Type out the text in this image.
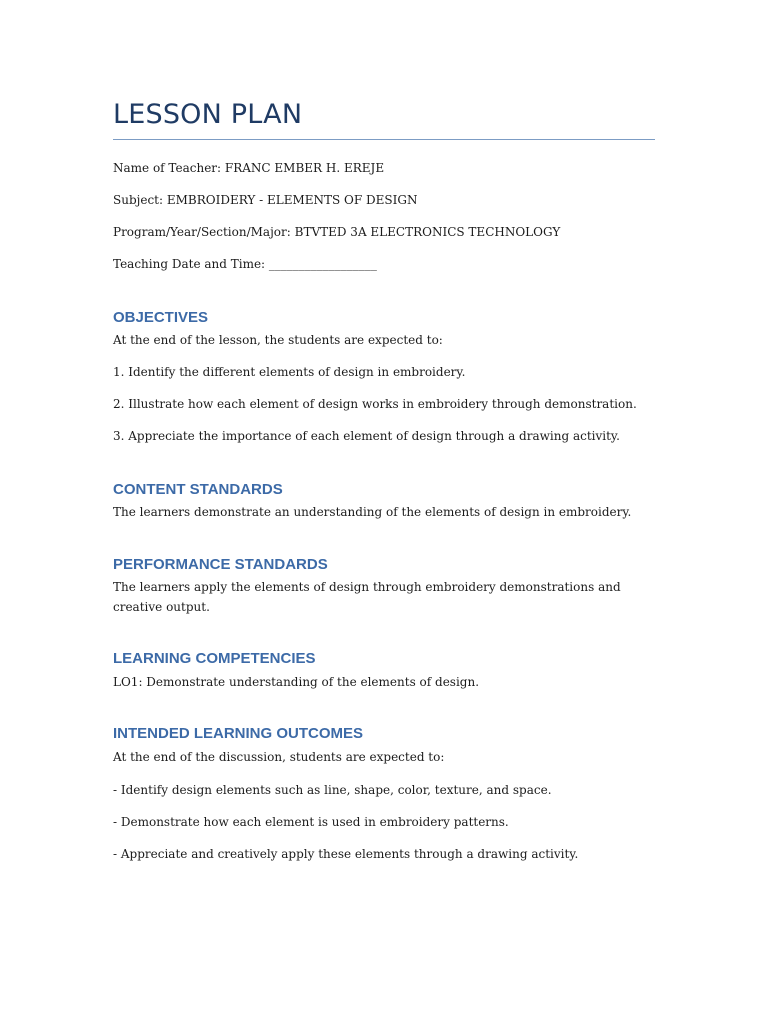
LESSON PLAN

Name of Teacher: FRANC EMBER H. EREJE

Subject: EMBROIDERY - ELEMENTS OF DESIGN

Program/Year/Section/Major: BTVTED 3A ELECTRONICS TECHNOLOGY

Teaching Date and Time: __________________

OBJECTIVES

At the end of the lesson, the students are expected to:

1. Identify the different elements of design in embroidery.

2. Illustrate how each element of design works in embroidery through demonstration.

3. Appreciate the importance of each element of design through a drawing activity.

CONTENT STANDARDS

The learners demonstrate an understanding of the elements of design in embroidery.

PERFORMANCE STANDARDS

The learners apply the elements of design through embroidery demonstrations and creative output.

LEARNING COMPETENCIES

LO1: Demonstrate understanding of the elements of design.

INTENDED LEARNING OUTCOMES

At the end of the discussion, students are expected to:

- Identify design elements such as line, shape, color, texture, and space.

- Demonstrate how each element is used in embroidery patterns.

- Appreciate and creatively apply these elements through a drawing activity.
